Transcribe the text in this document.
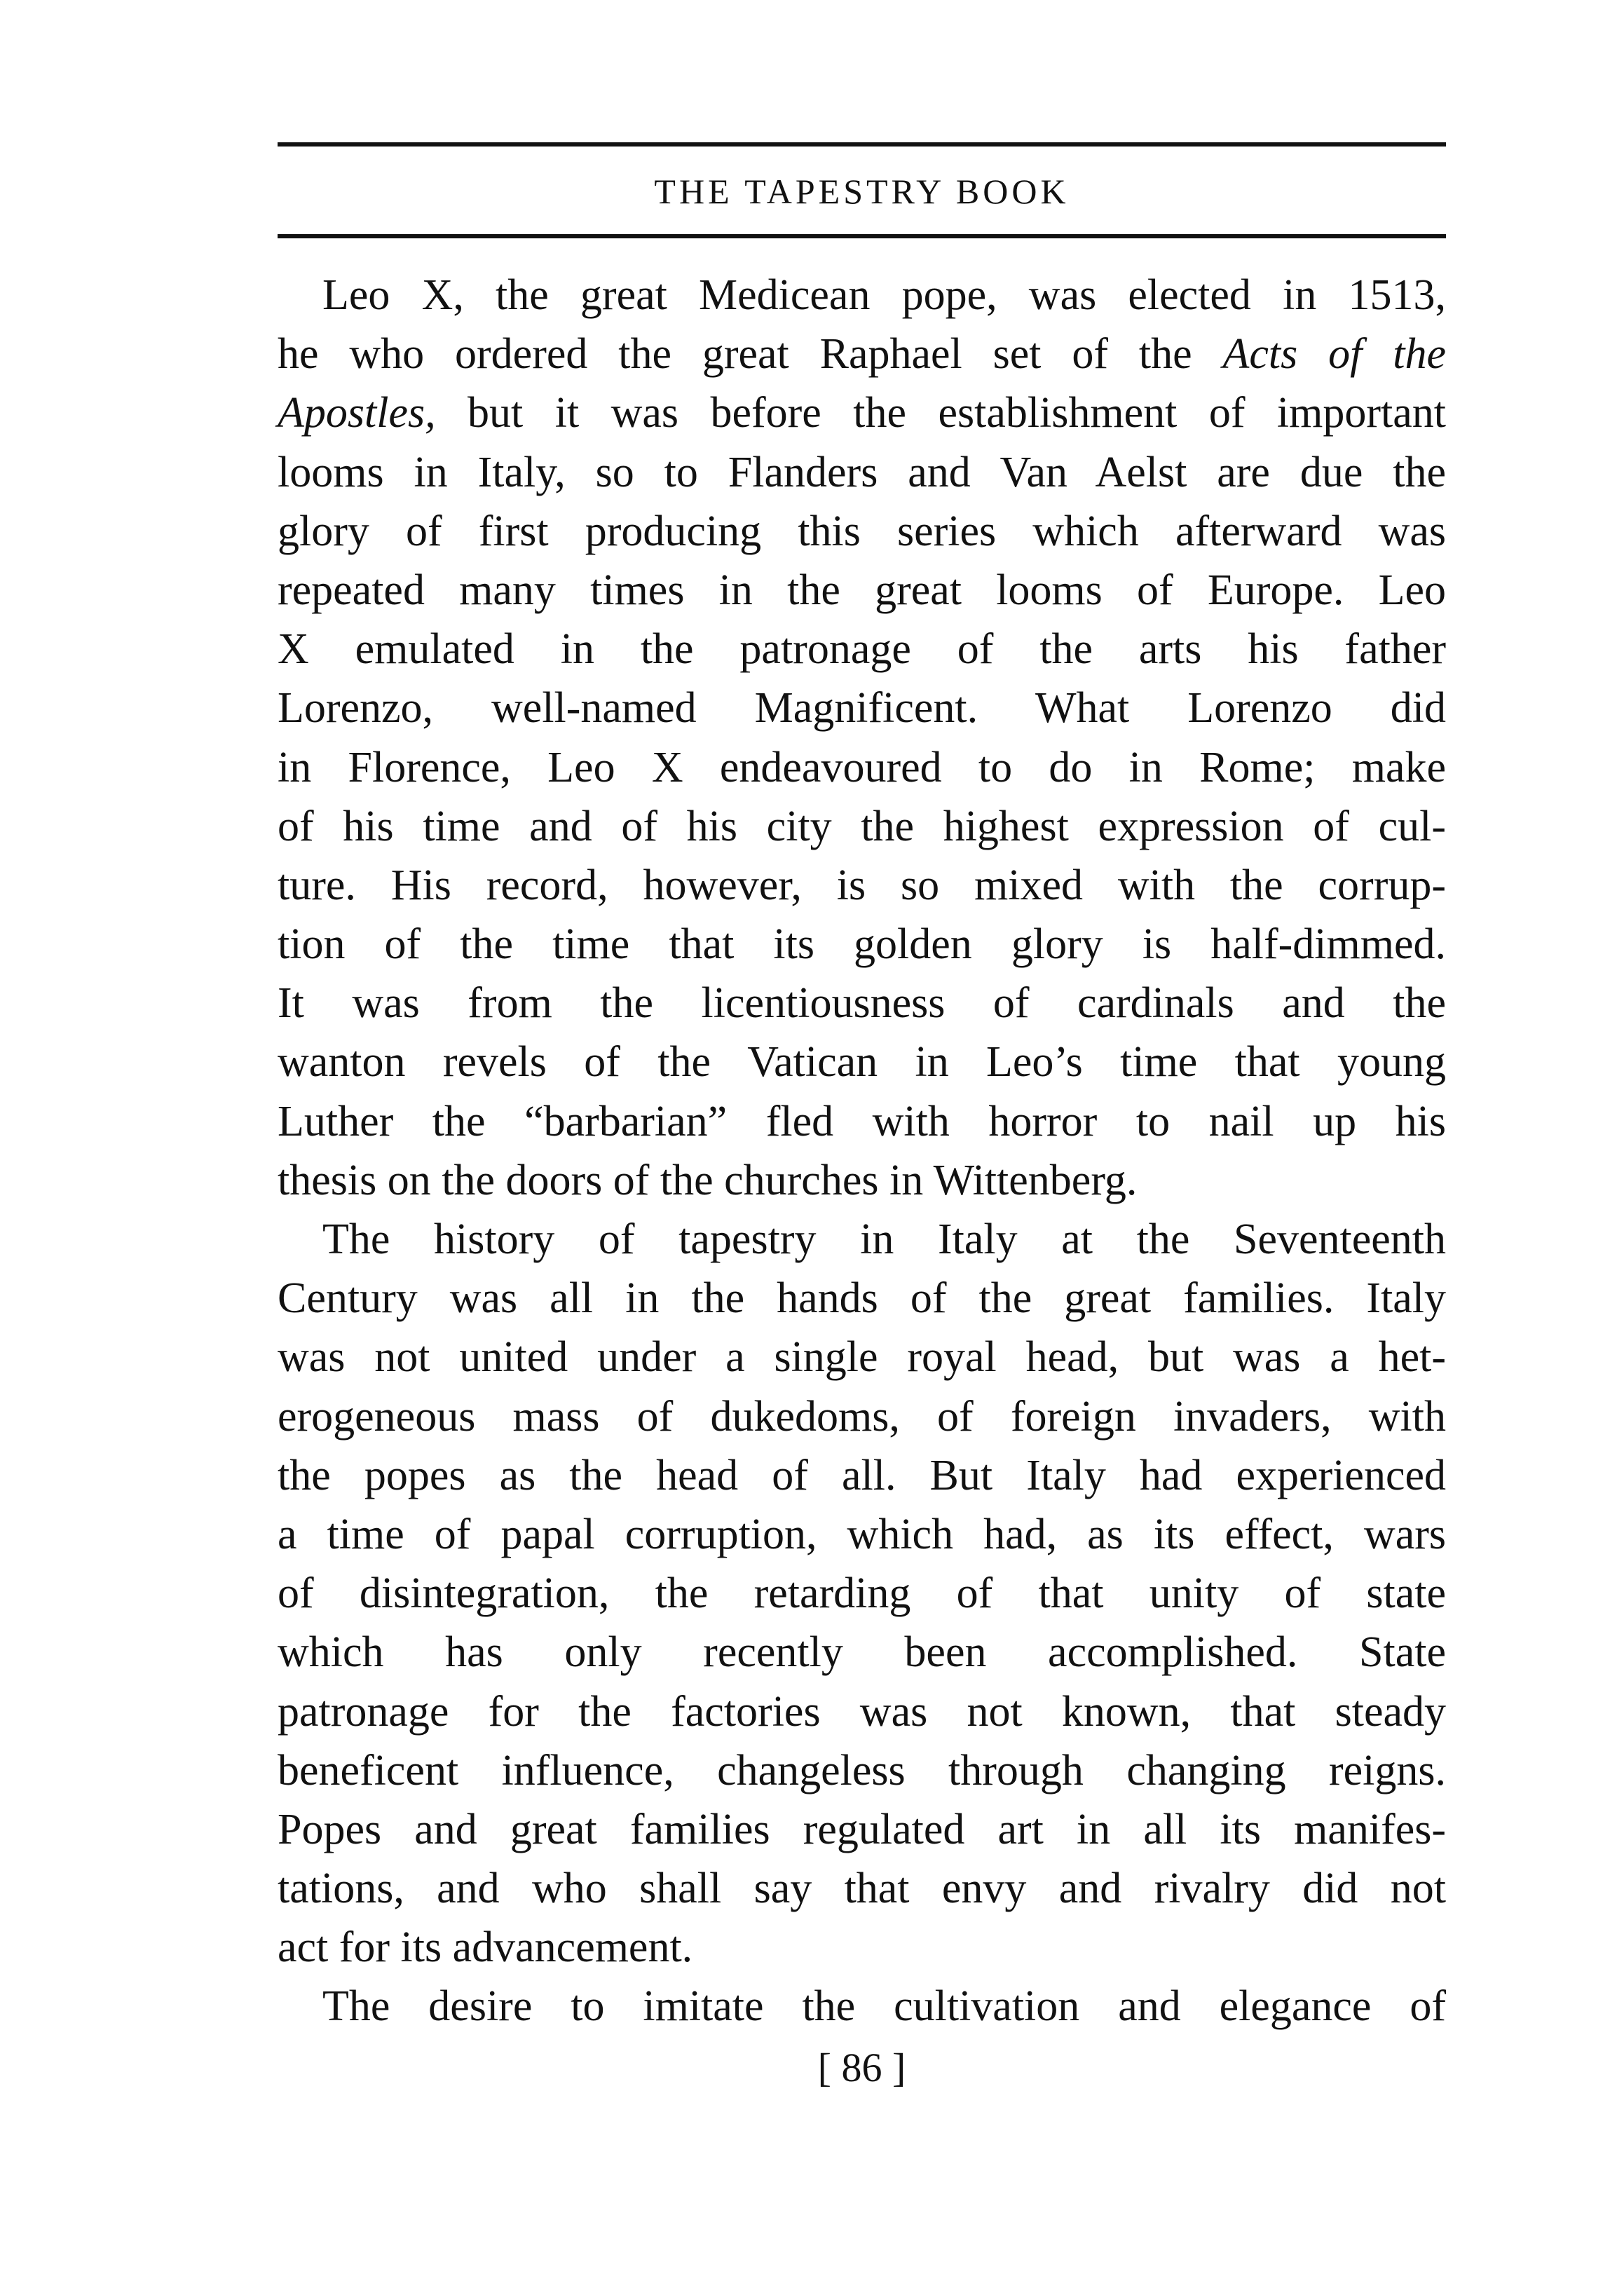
THE TAPESTRY BOOK
Leo X, the great Medicean pope, was elected in 1513,
he who ordered the great Raphael set of the Acts of the
Apostles, but it was before the establishment of important
looms in Italy, so to Flanders and Van Aelst are due the
glory of first producing this series which afterward was
repeated many times in the great looms of Europe. Leo
X emulated in the patronage of the arts his father
Lorenzo, well-named Magnificent. What Lorenzo did
in Florence, Leo X endeavoured to do in Rome; make
of his time and of his city the highest expression of cul-
ture. His record, however, is so mixed with the corrup-
tion of the time that its golden glory is half-dimmed.
It was from the licentiousness of cardinals and the
wanton revels of the Vatican in Leo’s time that young
Luther the “barbarian” fled with horror to nail up his
thesis on the doors of the churches in Wittenberg.
The history of tapestry in Italy at the Seventeenth
Century was all in the hands of the great families. Italy
was not united under a single royal head, but was a het-
erogeneous mass of dukedoms, of foreign invaders, with
the popes as the head of all. But Italy had experienced
a time of papal corruption, which had, as its effect, wars
of disintegration, the retarding of that unity of state
which has only recently been accomplished. State
patronage for the factories was not known, that steady
beneficent influence, changeless through changing reigns.
Popes and great families regulated art in all its manifes-
tations, and who shall say that envy and rivalry did not
act for its advancement.
The desire to imitate the cultivation and elegance of
[ 86 ]
